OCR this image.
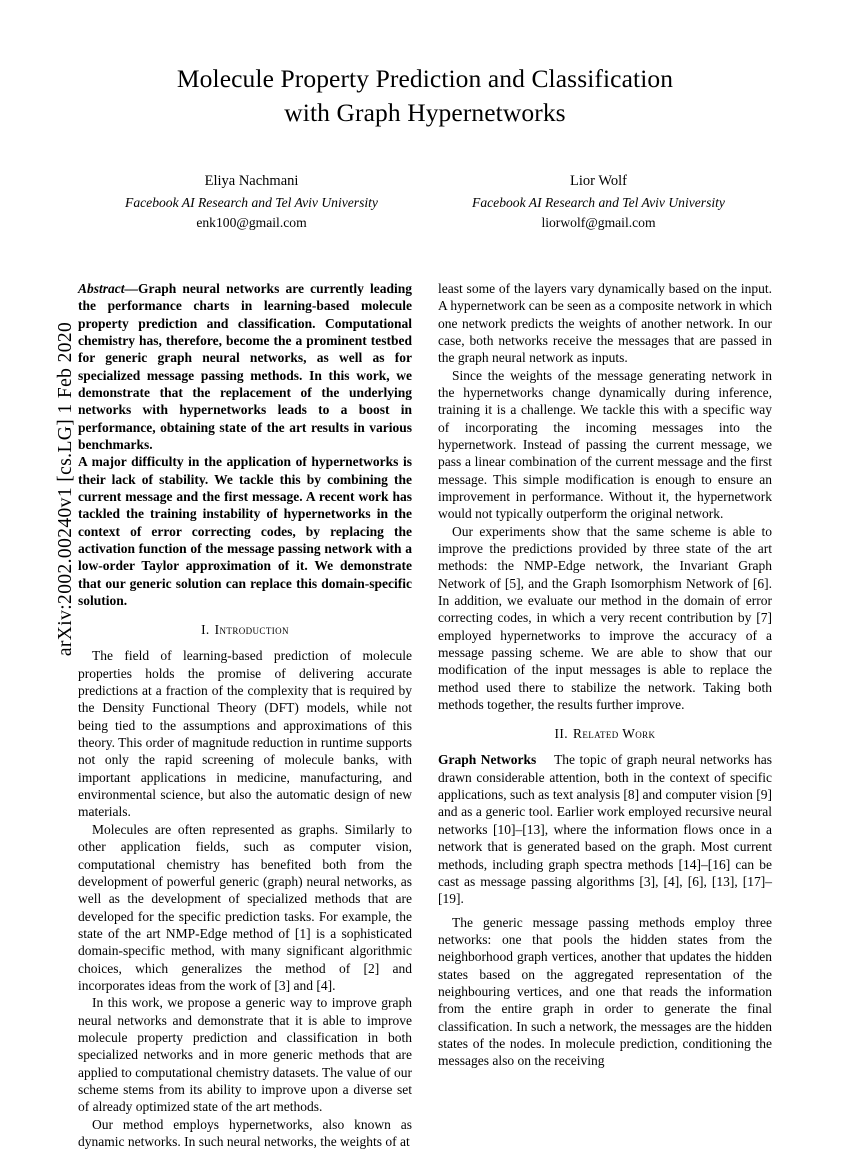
arXiv:2002.00240v1 [cs.LG] 1 Feb 2020
Molecule Property Prediction and Classification
with Graph Hypernetworks
Eliya Nachmani
Facebook AI Research and Tel Aviv University
enk100@gmail.com
Lior Wolf
Facebook AI Research and Tel Aviv University
liorwolf@gmail.com

Abstract—Graph neural networks are currently leading the performance charts in learning-based molecule property prediction and classification. Computational chemistry has, therefore, become the a prominent testbed for generic graph neural networks, as well as for specialized message passing methods. In this work, we demonstrate that the replacement of the underlying networks with hypernetworks leads to a boost in performance, obtaining state of the art results in various benchmarks.

A major difficulty in the application of hypernetworks is their lack of stability. We tackle this by combining the current message and the first message. A recent work has tackled the training instability of hypernetworks in the context of error correcting codes, by replacing the activation function of the message passing network with a low-order Taylor approximation of it. We demonstrate that our generic solution can replace this domain-specific solution.

I. Introduction

The field of learning-based prediction of molecule properties holds the promise of delivering accurate predictions at a fraction of the complexity that is required by the Density Functional Theory (DFT) models, while not being tied to the assumptions and approximations of this theory. This order of magnitude reduction in runtime supports not only the rapid screening of molecule banks, with important applications in medicine, manufacturing, and environmental science, but also the automatic design of new materials.

Molecules are often represented as graphs. Similarly to other application fields, such as computer vision, computational chemistry has benefited both from the development of powerful generic (graph) neural networks, as well as the development of specialized methods that are developed for the specific prediction tasks. For example, the state of the art NMP-Edge method of [1] is a sophisticated domain-specific method, with many significant algorithmic choices, which generalizes the method of [2] and incorporates ideas from the work of [3] and [4].

In this work, we propose a generic way to improve graph neural networks and demonstrate that it is able to improve molecule property prediction and classification in both specialized networks and in more generic methods that are applied to computational chemistry datasets. The value of our scheme stems from its ability to improve upon a diverse set of already optimized state of the art methods.

Our method employs hypernetworks, also known as dynamic networks. In such neural networks, the weights of at

least some of the layers vary dynamically based on the input. A hypernetwork can be seen as a composite network in which one network predicts the weights of another network. In our case, both networks receive the messages that are passed in the graph neural network as inputs.

Since the weights of the message generating network in the hypernetworks change dynamically during inference, training it is a challenge. We tackle this with a specific way of incorporating the incoming messages into the hypernetwork. Instead of passing the current message, we pass a linear combination of the current message and the first message. This simple modification is enough to ensure an improvement in performance. Without it, the hypernetwork would not typically outperform the original network.

Our experiments show that the same scheme is able to improve the predictions provided by three state of the art methods: the NMP-Edge network, the Invariant Graph Network of [5], and the Graph Isomorphism Network of [6]. In addition, we evaluate our method in the domain of error correcting codes, in which a very recent contribution by [7] employed hypernetworks to improve the accuracy of a message passing scheme. We are able to show that our modification of the input messages is able to replace the method used there to stabilize the network. Taking both methods together, the results further improve.

II. Related Work

Graph Networks The topic of graph neural networks has drawn considerable attention, both in the context of specific applications, such as text analysis [8] and computer vision [9] and as a generic tool. Earlier work employed recursive neural networks [10]–[13], where the information flows once in a network that is generated based on the graph. Most current methods, including graph spectra methods [14]–[16] can be cast as message passing algorithms [3], [4], [6], [13], [17]–[19].

The generic message passing methods employ three networks: one that pools the hidden states from the neighborhood graph vertices, another that updates the hidden states based on the aggregated representation of the neighbouring vertices, and one that reads the information from the entire graph in order to generate the final classification. In such a network, the messages are the hidden states of the nodes. In molecule prediction, conditioning the messages also on the receiving
